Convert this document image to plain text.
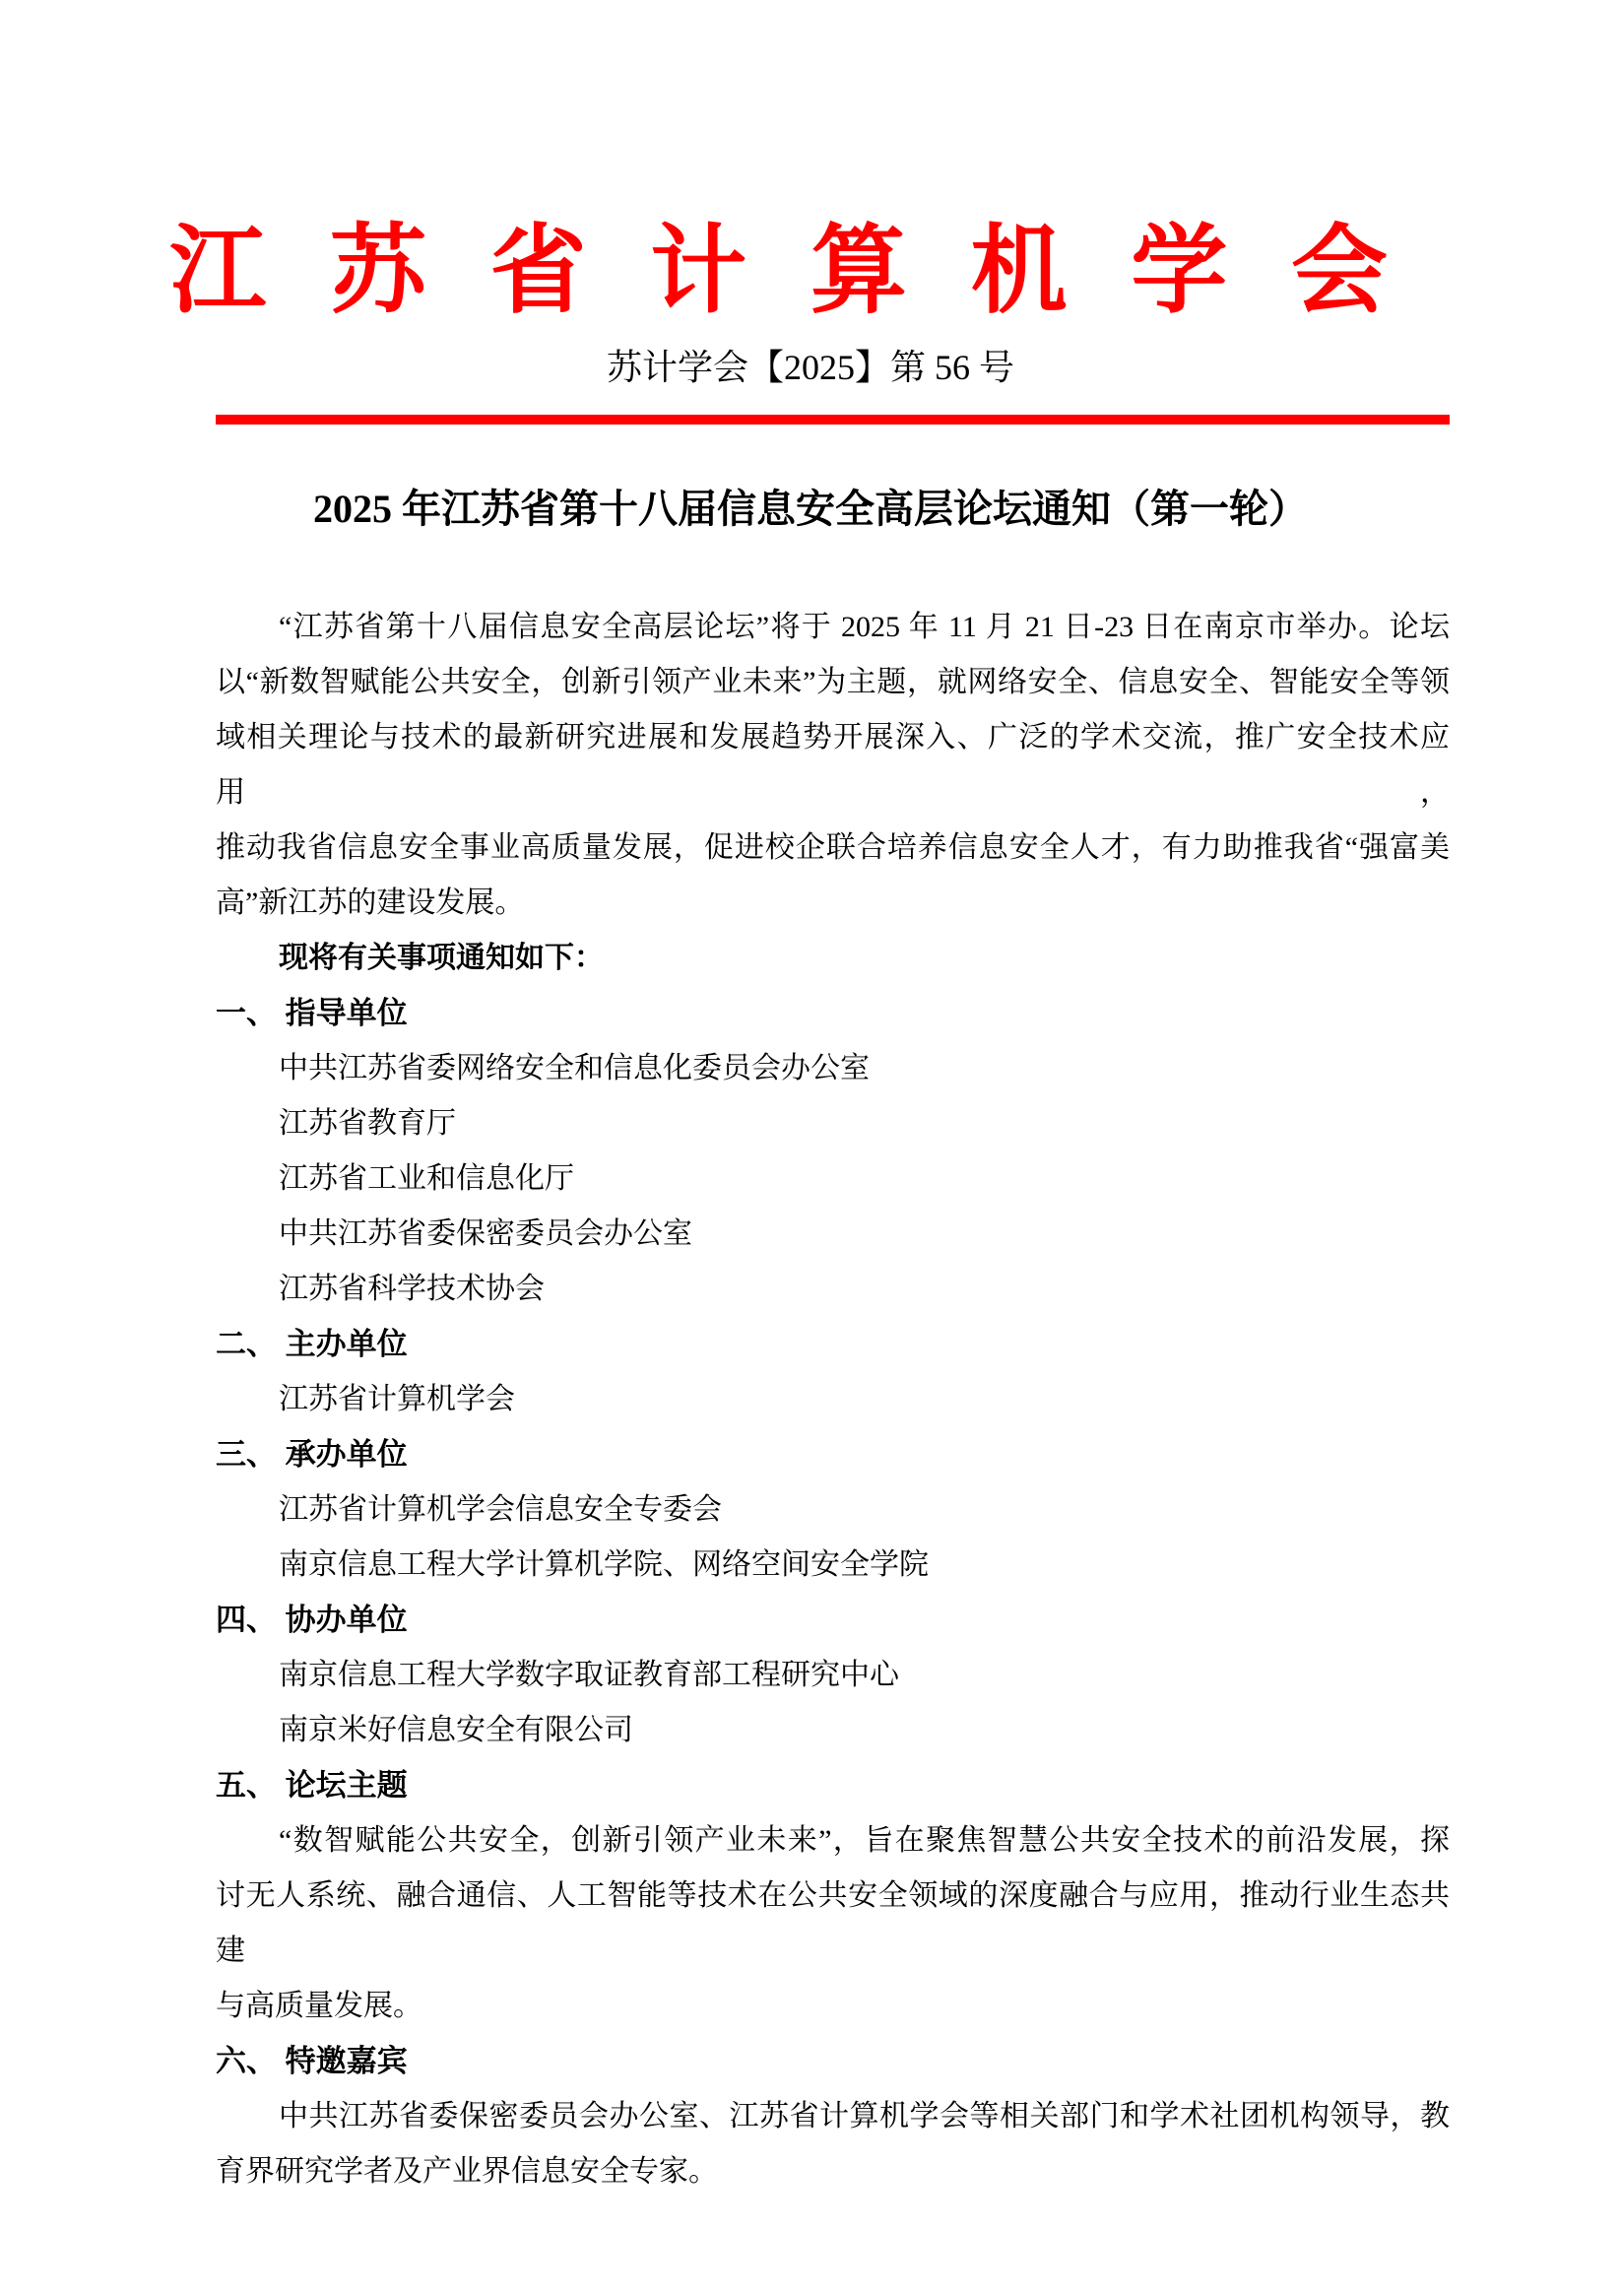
江苏省计算机学会
苏计学会【2025】第 56 号
2025 年江苏省第十八届信息安全高层论坛通知（第一轮）
“江苏省第十八届信息安全高层论坛”将于 2025 年 11 月 21 日-23 日在南京市举办。论坛
以“新数智赋能公共安全，创新引领产业未来”为主题，就网络安全、信息安全、智能安全等领
域相关理论与技术的最新研究进展和发展趋势开展深入、广泛的学术交流，推广安全技术应用，
推动我省信息安全事业高质量发展，促进校企联合培养信息安全人才，有力助推我省“强富美
高”新江苏的建设发展。
现将有关事项通知如下：
一、 指导单位
中共江苏省委网络安全和信息化委员会办公室
江苏省教育厅
江苏省工业和信息化厅
中共江苏省委保密委员会办公室
江苏省科学技术协会
二、 主办单位
江苏省计算机学会
三、 承办单位
江苏省计算机学会信息安全专委会
南京信息工程大学计算机学院、网络空间安全学院
四、 协办单位
南京信息工程大学数字取证教育部工程研究中心
南京米好信息安全有限公司
五、 论坛主题
“数智赋能公共安全，创新引领产业未来”，旨在聚焦智慧公共安全技术的前沿发展，探
讨无人系统、融合通信、人工智能等技术在公共安全领域的深度融合与应用，推动行业生态共建
与高质量发展。
六、 特邀嘉宾
中共江苏省委保密委员会办公室、江苏省计算机学会等相关部门和学术社团机构领导，教
育界研究学者及产业界信息安全专家。
